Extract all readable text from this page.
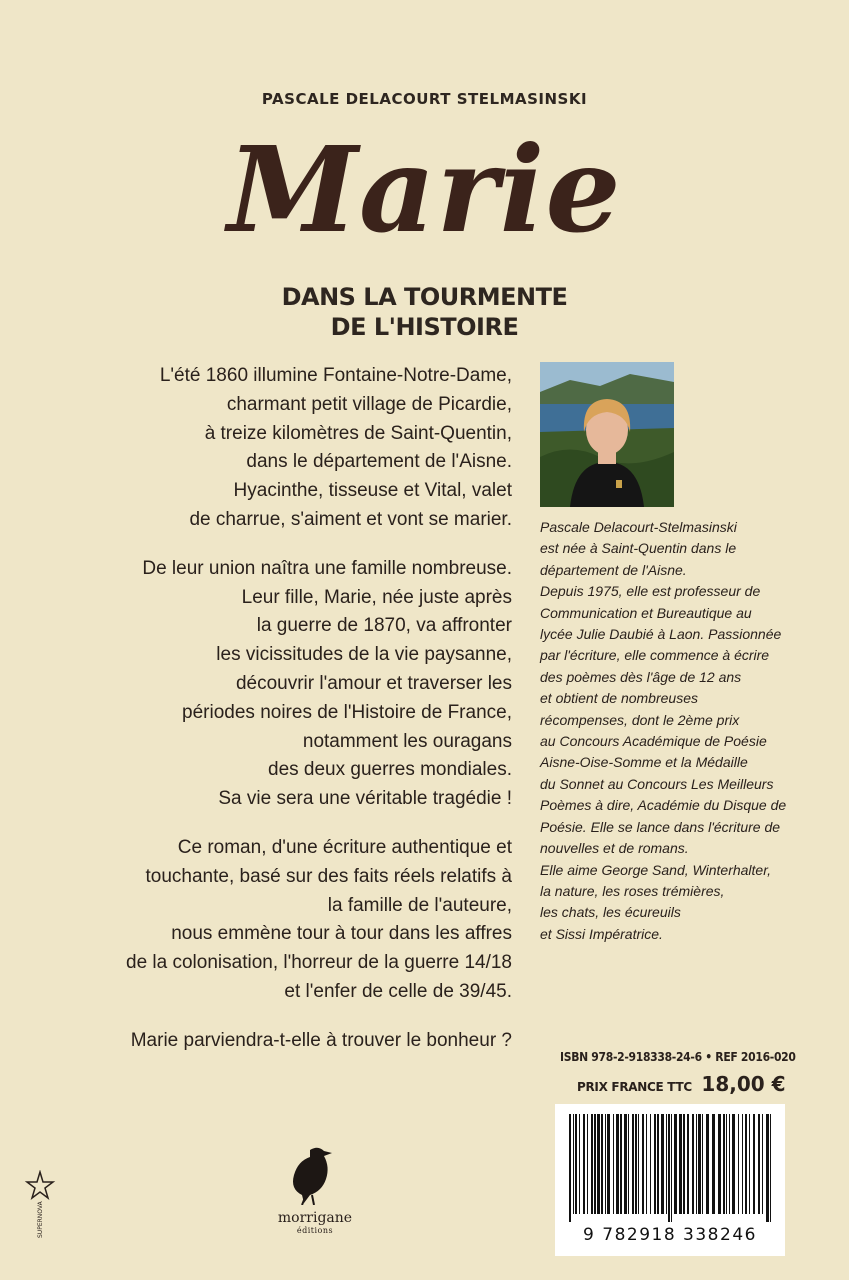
PASCALE DELACOURT STELMASINSKI
Marie
DANS LA TOURMENTE
DE L'HISTOIRE

L'été 1860 illumine Fontaine-Notre-Dame,
charmant petit village de Picardie,
à treize kilomètres de Saint-Quentin,
dans le département de l'Aisne.
Hyacinthe, tisseuse et Vital, valet
de charrue, s'aiment et vont se marier.

De leur union naîtra une famille nombreuse.
Leur fille, Marie, née juste après
la guerre de 1870, va affronter
les vicissitudes de la vie paysanne,
découvrir l'amour et traverser les
périodes noires de l'Histoire de France,
notamment les ouragans
des deux guerres mondiales.
Sa vie sera une véritable tragédie !

Ce roman, d'une écriture authentique et
touchante, basé sur des faits réels relatifs à
la famille de l'auteure,
nous emmène tour à tour dans les affres
de la colonisation, l'horreur de la guerre 14/18
et l'enfer de celle de 39/45.

Marie parviendra-t-elle à trouver le bonheur ?

Pascale Delacourt-Stelmasinski
est née à Saint-Quentin dans le
département de l'Aisne.
Depuis 1975, elle est professeur de
Communication et Bureautique au
lycée Julie Daubié à Laon. Passionnée
par l'écriture, elle commence à écrire
des poèmes dès l'âge de 12 ans
et obtient de nombreuses
récompenses, dont le 2ème prix
au Concours Académique de Poésie
Aisne-Oise-Somme et la Médaille
du Sonnet au Concours Les Meilleurs
Poèmes à dire, Académie du Disque de
Poésie. Elle se lance dans l'écriture de
nouvelles et de romans.
Elle aime George Sand, Winterhalter,
la nature, les roses trémières,
les chats, les écureuils
et Sissi Impératrice.
ISBN 978-2-918338-24-6 • REF 2016-020
PRIX FRANCE TTC 18,00 €
9 782918 338246
morrigane
éditions
SUPERNOVA
